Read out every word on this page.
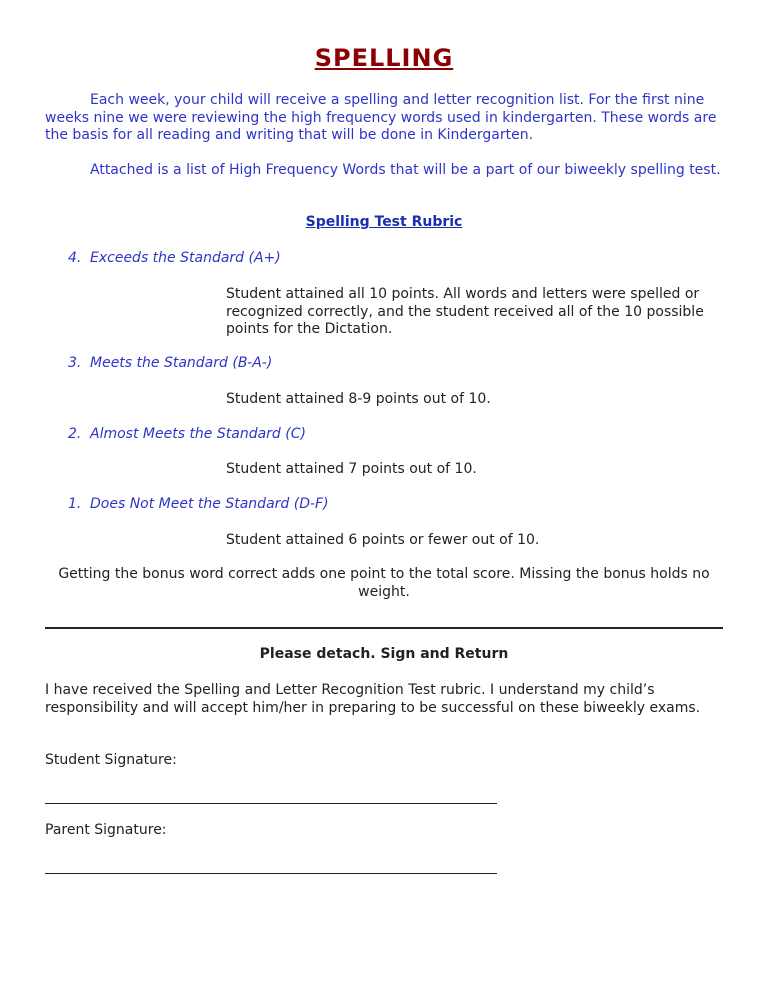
SPELLING
Each week, your child will receive a spelling and letter recognition list. For the first nine weeks nine we were reviewing the high frequency words used in kindergarten. These words are the basis for all reading and writing that will be done in Kindergarten.
Attached is a list of High Frequency Words that will be a part of our biweekly spelling test.
Spelling Test Rubric
4. Exceeds the Standard (A+)
Student attained all 10 points. All words and letters were spelled or recognized correctly, and the student received all of the 10 possible points for the Dictation.
3. Meets the Standard (B-A-)
Student attained 8-9 points out of 10.
2. Almost Meets the Standard (C)
Student attained 7 points out of 10.
1. Does Not Meet the Standard (D-F)
Student attained 6 points or fewer out of 10.
Getting the bonus word correct adds one point to the total score. Missing the bonus holds no weight.
Please detach. Sign and Return
I have received the Spelling and Letter Recognition Test rubric. I understand my child’s responsibility and will accept him/her in preparing to be successful on these biweekly exams.
Student Signature:
Parent Signature:
